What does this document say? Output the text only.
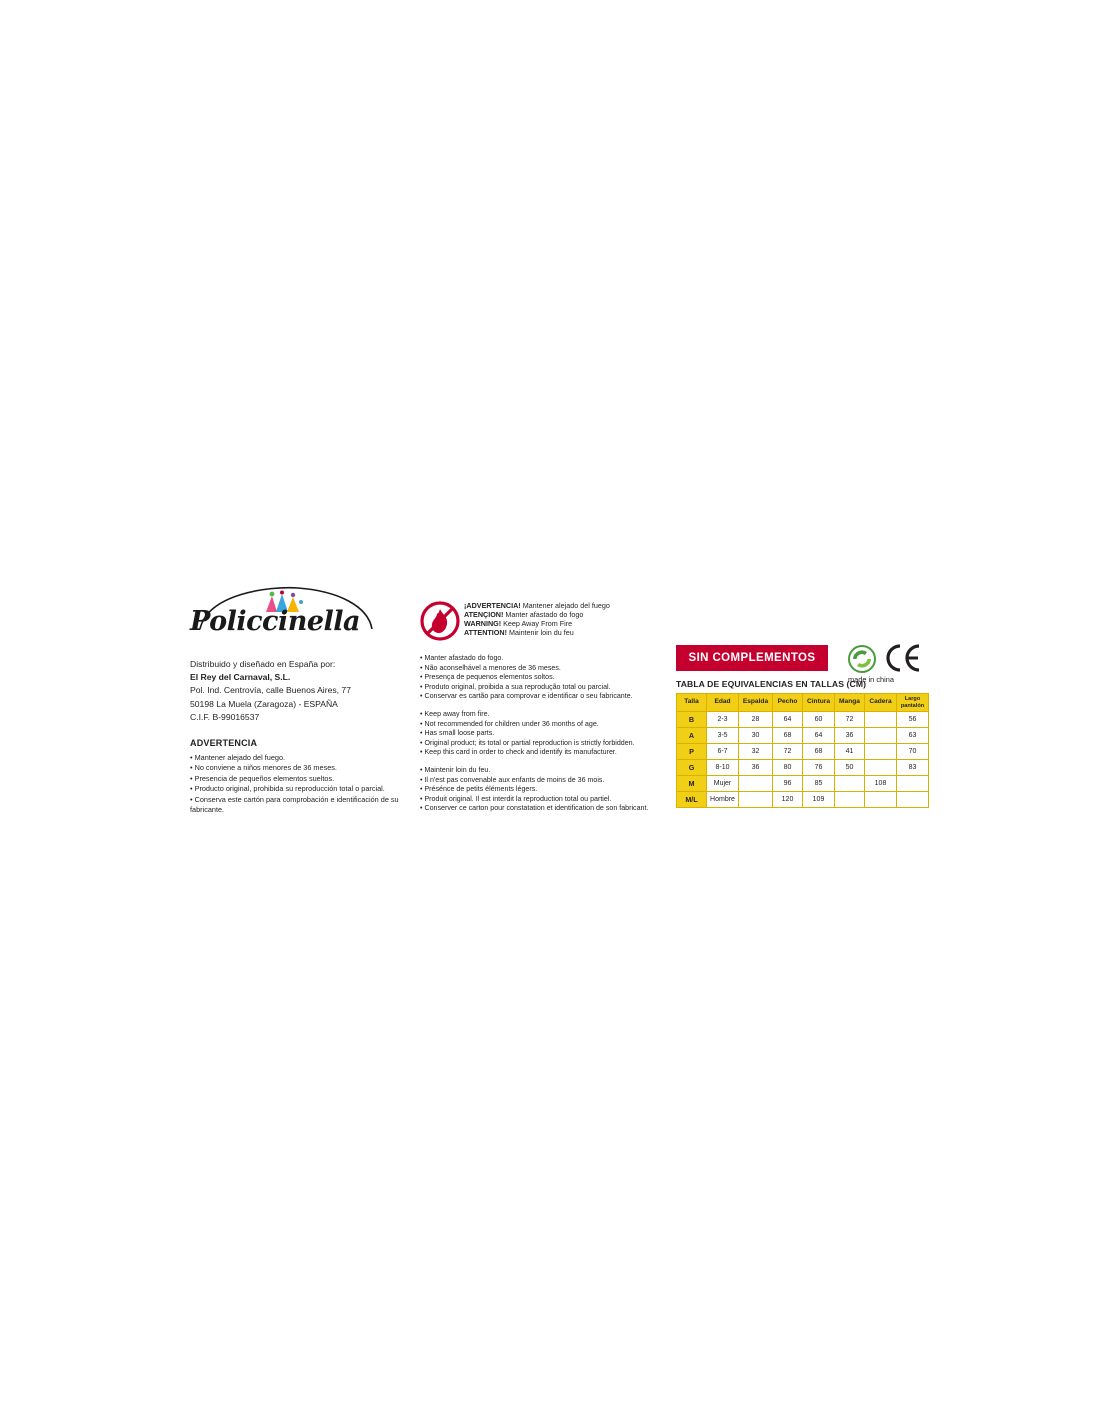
Policcinella
Distribuido y diseñado en España por:
El Rey del Carnaval, S.L.
Pol. Ind. Centrovía, calle Buenos Aires, 77
50198 La Muela (Zaragoza) - ESPAÑA
C.I.F. B-99016537
ADVERTENCIA
• Mantener alejado del fuego.
• No conviene a niños menores de 36 meses.
• Presencia de pequeños elementos sueltos.
• Producto original, prohibida su reproducción total o parcial.
• Conserva este cartón para comprobación e identificación de su fabricante.
¡ADVERTENCIA! Mantener alejado del fuego
ATENÇION! Manter afastado do fogo
WARNING! Keep Away From Fire
ATTENTION! Maintenir loin du feu
• Manter afastado do fogo.
• Não aconselhável a menores de 36 meses.
• Presença de pequenos elementos soltos.
• Produto original, proibida a sua reprodução total ou parcial.
• Conservar es cartão para comprovar e identificar o seu fabricante.
• Keep away from fire.
• Not recommended for children under 36 months of age.
• Has small loose parts.
• Original product; its total or partial reproduction is strictly forbidden.
• Keep this card in order to check and identify its manufacturer.
• Maintenir loin du feu.
• Il n'est pas convenable aux enfants de moins de 36 mois.
• Présénce de petits éléments légers.
• Produit original. Il est interdit la reproduction total ou partiel.
• Conserver ce carton pour constatation et identification de son fabricant.
SIN COMPLEMENTOS
made in china
TABLA DE EQUIVALENCIAS EN TALLAS (CM)
Talla	Edad	Espalda	Pecho	Cintura	Manga	Cadera	Largo pantalón
B	2-3	28	64	60	72		56
A	3-5	30	68	64	36		63
P	6-7	32	72	68	41		70
G	8-10	36	80	76	50		83
M	Mujer		96	85		108	
M/L	Hombre		120	109			
